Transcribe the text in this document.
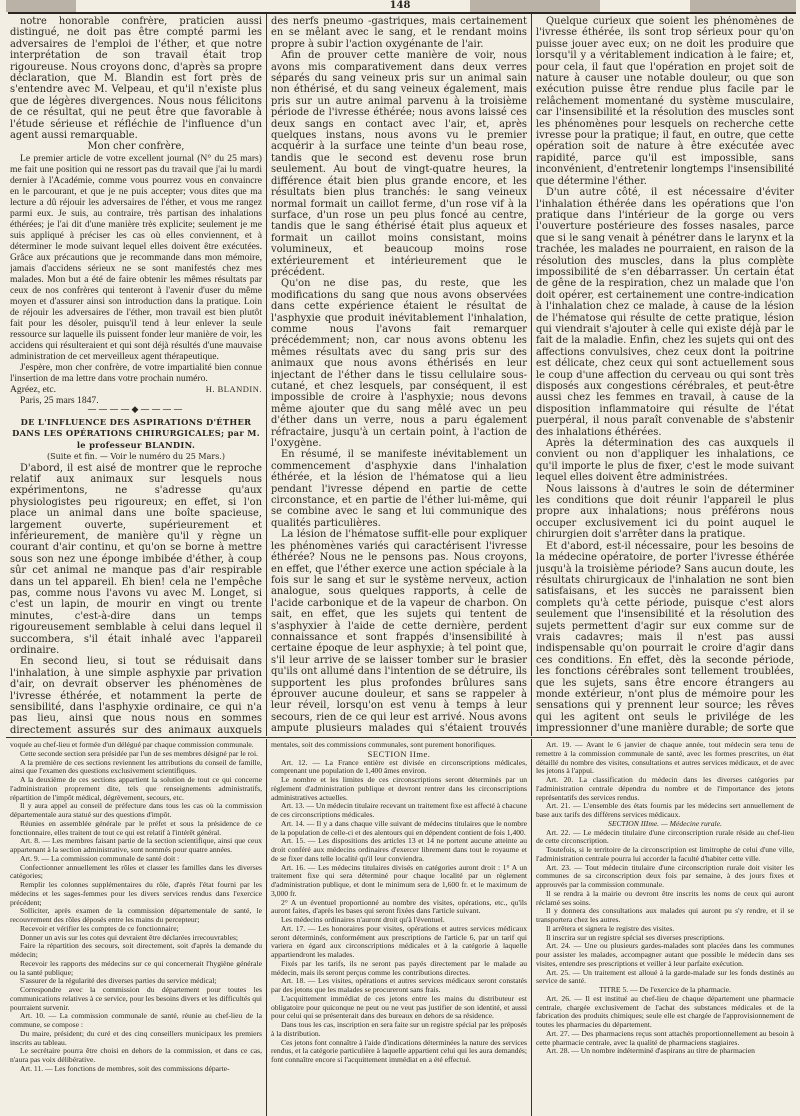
148

notre honorable confrère, praticien aussi distingué, ne doit pas être compté parmi les adversaires de l'emploi de l'éther, et que notre interprétation de son travail était trop rigoureuse. Nous croyons donc, d'après sa propre déclaration, que M. Blandin est fort près de s'entendre avec M. Velpeau, et qu'il n'existe plus que de légères divergences. Nous nous félicitons de ce résultat, qui ne peut être que favorable à l'étude sérieuse et réfléchie de l'influence d'un agent aussi remarquable.

Mon cher confrère,

Le premier article de votre excellent journal (N° du 25 mars) me fait une position qui ne ressort pas du travail que j'ai lu mardi dernier à l'Académie, comme vous pourrez vous en convaincre en le parcourant, et que je ne puis accepter; vous dites que ma lecture a dû réjouir les adversaires de l'éther, et vous me rangez parmi eux. Je suis, au contraire, très partisan des inhalations éthérées; je l'ai dit d'une manière très explicite; seulement je me suis appliqué à préciser les cas où elles conviennent, et à déterminer le mode suivant lequel elles doivent être exécutées. Grâce aux précautions que je recommande dans mon mémoire, jamais d'accidens sérieux ne se sont manifestés chez mes malades. Mon but a été de faire obtenir les mêmes résultats par ceux de nos confrères qui tenteront à l'avenir d'user du même moyen et d'assurer ainsi son introduction dans la pratique. Loin de réjouir les adversaires de l'éther, mon travail est bien plutôt fait pour les désoler, puisqu'il tend à leur enlever la seule ressource sur laquelle ils puissent fonder leur manière de voir, les accidens qui résulteraient et qui sont déjà résultés d'une mauvaise administration de cet merveilleux agent thérapeutique.

J'espère, mon cher confrère, de votre impartialité bien connue l'insertion de ma lettre dans votre prochain numéro.

Agréez, etc.	H. BLANDIN.

Paris, 25 mars 1847.

————◆————

DE L'INFLUENCE DES ASPIRATIONS D'ÉTHER DANS LES OPÉRATIONS CHIRURGICALES; par M. le professeur BLANDIN.

(Suite et fin. — Voir le numéro du 25 Mars.)

D'abord, il est aisé de montrer que le reproche relatif aux animaux sur lesquels nous expérimentons, ne s'adresse qu'aux physiologistes peu rigoureux; en effet, si l'on place un animal dans une boîte spacieuse, largement ouverte, supérieurement et inférieurement, de manière qu'il y règne un courant d'air continu, et qu'on se borne à mettre sous son nez une éponge imbibée d'éther, à coup sûr cet animal ne manque pas d'air respirable dans un tel appareil. Eh bien! cela ne l'empêche pas, comme nous l'avons vu avec M. Longet, si c'est un lapin, de mourir en vingt ou trente minutes, c'est-à-dire dans un temps rigoureusement semblable à celui dans lequel il succombera, s'il était inhalé avec l'appareil ordinaire.

En second lieu, si tout se réduisait dans l'inhalation, à une simple asphyxie par privation d'air, on devrait observer les phénomènes de l'ivresse éthérée, et notamment la perte de sensibilité, dans l'asphyxie ordinaire, ce qui n'a pas lieu, ainsi que nous nous en sommes directement assurés sur des animaux auxquels

des nerfs pneumo -gastriques, mais certainement en se mêlant avec le sang, et le rendant moins propre à subir l'action oxygénante de l'air.

Afin de prouver cette manière de voir, nous avons mis comparativement dans deux verres séparés du sang veineux pris sur un animal sain non éthérisé, et du sang veineux également, mais pris sur un autre animal parvenu à la troisième période de l'ivresse éthérée; nous avons laissé ces deux sangs en contact avec l'air, et, après quelques instans, nous avons vu le premier acquérir à la surface une teinte d'un beau rose, tandis que le second est devenu rose brun seulement. Au bout de vingt-quatre heures, la différence était bien plus grande encore, et les résultats bien plus tranchés: le sang veineux normal formait un caillot ferme, d'un rose vif à la surface, d'un rose un peu plus foncé au centre, tandis que le sang éthérisé était plus aqueux et formait un caillot moins consistant, moins volumineux, et beaucoup moins rose extérieurement et intérieurement que le précédent.

Qu'on ne dise pas, du reste, que les modifications du sang que nous avons observées dans cette expérience étaient le résultat de l'asphyxie que produit inévitablement l'inhalation, comme nous l'avons fait remarquer précédemment; non, car nous avons obtenu les mêmes résultats avec du sang pris sur des animaux que nous avons éthérisés en leur injectant de l'éther dans le tissu cellulaire sous-cutané, et chez lesquels, par conséquent, il est impossible de croire à l'asphyxie; nous devons même ajouter que du sang mêlé avec un peu d'éther dans un verre, nous a paru également réfractaire, jusqu'à un certain point, à l'action de l'oxygène.

En résumé, il se manifeste inévitablement un commencement d'asphyxie dans l'inhalation éthérée, et la lésion de l'hématose qui a lieu pendant l'ivresse dépend en partie de cette circonstance, et en partie de l'éther lui-même, qui se combine avec le sang et lui communique des qualités particulières.

La lésion de l'hématose suffit-elle pour expliquer les phénomènes variés qui caractérisent l'ivresse éthérée? Nous ne le pensons pas. Nous croyons, en effet, que l'éther exerce une action spéciale à la fois sur le sang et sur le système nerveux, action analogue, sous quelques rapports, à celle de l'acide carbonique et de la vapeur de charbon. On sait, en effet, que les sujets qui tentent de s'asphyxier à l'aide de cette dernière, perdent connaissance et sont frappés d'insensibilité à certaine époque de leur asphyxie; à tel point que, s'il leur arrive de se laisser tomber sur le brasier qu'ils ont allumé dans l'intention de se détruire, ils supportent les plus profondes brûlures sans éprouver aucune douleur, et sans se rappeler à leur réveil, lorsqu'on est venu à temps à leur secours, rien de ce qui leur est arrivé. Nous avons ampute plusieurs malades qui s'étaient trouvés

Quelque curieux que soient les phénomènes de l'ivresse éthérée, ils sont trop sérieux pour qu'on puisse jouer avec eux; on ne doit les produire que lorsqu'il y a véritablement indication à le faire; et, pour cela, il faut que l'opération en projet soit de nature à causer une notable douleur, ou que son exécution puisse être rendue plus facile par le relâchement momentané du système musculaire, car l'insensibilité et la résolution des muscles sont les phénomènes pour lesquels on recherche cette ivresse pour la pratique; il faut, en outre, que cette opération soit de nature à être exécutée avec rapidité, parce qu'il est impossible, sans inconvénient, d'entretenir longtemps l'insensibilité que détermine l'éther.

D'un autre côté, il est nécessaire d'éviter l'inhalation éthérée dans les opérations que l'on pratique dans l'intérieur de la gorge ou vers l'ouverture postérieure des fosses nasales, parce que si le sang venait à pénétrer dans le larynx et la trachée, les malades ne pourraient, en raison de la résolution des muscles, dans la plus complète impossibilité de s'en débarrasser. Un certain état de gêne de la respiration, chez un malade que l'on doit opérer, est certainement une contre-indication à l'inhalation chez ce malade, à cause de la lésion de l'hématose qui résulte de cette pratique, lésion qui viendrait s'ajouter à celle qui existe déjà par le fait de la maladie. Enfin, chez les sujets qui ont des affections convulsives, chez ceux dont la poitrine est délicate, chez ceux qui sont actuellement sous le coup d'une affection du cerveau ou qui sont très disposés aux congestions cérébrales, et peut-être aussi chez les femmes en travail, à cause de la disposition inflammatoire qui résulte de l'état puerpéral, il nous paraît convenable de s'abstenir des inhalations éthérées.

Après la détermination des cas auxquels il convient ou non d'appliquer les inhalations, ce qu'il importe le plus de fixer, c'est le mode suivant lequel elles doivent être administrées.

Nous laissons à d'autres le soin de déterminer les conditions que doit réunir l'appareil le plus propre aux inhalations; nous préférons nous occuper exclusivement ici du point auquel le chirurgien doit s'arrêter dans la pratique.

Et d'abord, est-il nécessaire, pour les besoins de la médecine opératoire, de porter l'ivresse éthérée jusqu'à la troisième période? Sans aucun doute, les résultats chirurgicaux de l'inhalation ne sont bien satisfaisans, et les succès ne paraissent bien complets qu'à cette période, puisque c'est alors seulement que l'insensibilité et la résolution des sujets permettent d'agir sur eux comme sur de vrais cadavres; mais il n'est pas aussi indispensable qu'on pourrait le croire d'agir dans ces conditions. En effet, dès la seconde période, les fonctions cérébrales sont tellement troublées, que les sujets, sans être encore étrangers au monde extérieur, n'ont plus de mémoire pour les sensations qui y prennent leur source; les rêves qui les agitent ont seuls le privilége de les impressionner d'une manière durable; de sorte que

voquée au chef-lieu et formée d'un délégué par chaque commission communale.

Cette seconde section sera présidée par l'un de ses membres désigné par le roi.

A la première de ces sections reviennent les attributions du conseil de famille, ainsi que l'examen des questions exclusivement scientifiques.

A la deuxième de ces sections appartient la solution de tout ce qui concerne l'administration proprement dite, tels que renseignements administratifs, répartition de l'impôt médical, dégrèvement, secours, etc.

Il y aura appel au conseil de préfecture dans tous les cas où la commission départementale aura statué sur des questions d'impôt.

Réunies en assemblée générale par le préfet et sous la présidence de ce fonctionnaire, elles traitent de tout ce qui est relatif à l'intérêt général.

Art. 8. — Les membres faisant partie de la section scientifique, ainsi que ceux appartenant à la section administrative, sont nommés pour quatre années.

Art. 9. — La commission communale de santé doit :

Confectionner annuellement les rôles et classer les familles dans les diverses catégories;

Remplir les colonnes supplémentaires du rôle, d'après l'état fourni par les médecins et les sages-femmes pour les divers services rendus dans l'exercice précédent;

Solliciter, après examen de la commission départementale de santé, le recouvrement des rôles déposés entre les mains du percepteur;

Recevoir et vérifier les comptes de ce fonctionnaire;

Donner un avis sur les cotes qui devraient être déclarées irrecouvrables;

Faire la répartition des secours, soit directement, soit d'après la demande du médecin;

Recevoir les rapports des médecins sur ce qui concernerait l'hygiène générale ou la santé publique;

S'assurer de la régularité des diverses parties du service médical;

Correspondre avec la commission du département pour toutes les communications relatives à ce service, pour les besoins divers et les difficultés qui pourraient survenir.

Art. 10. — La commission communale de santé, réunie au chef-lieu de la commune, se compose :

Du maire, président; du curé et des cinq conseillers municipaux les premiers inscrits au tableau.

Le secrétaire pourra être choisi en dehors de la commission, et dans ce cas, n'aura pas voix délibérative.

Art. 11. — Les fonctions de membres, soit des commissions départe-

mentales, soit des commissions communales, sont purement honorifiques.

SECTION IIme.

Art. 12. — La France entière est divisée en circonscriptions médicales, comprenant une population de 1,400 âmes environ.

Le nombre et les limites de ces circonscriptions seront déterminés par un règlement d'administration publique et devront rentrer dans les circonscriptions administratives actuelles.

Art. 13. — Un médecin titulaire recevant un traitement fixe est affecté à chacune de ces circonscriptions médicales.

Art. 14. — Il y a dans chaque ville suivant de médecins titulaires que le nombre de la population de celle-ci et des alentours qui en dépendent contient de fois 1,400.

Art. 15. — Les dispositions des articles 13 et 14 ne portent aucune atteinte au droit conféré aux médecins ordinaires d'exercer librement dans tout le royaume et de se fixer dans telle localité qu'il leur conviendra.

Art. 16. — Les médecins titulaires divisés en catégories auront droit : 1° A un traitement fixe qui sera déterminé pour chaque localité par un règlement d'administration publique, et dont le minimum sera de 1,600 fr. et le maximum de 3,000 fr.

2° A un éventuel proportionné au nombre des visites, opérations, etc., qu'ils auront faites, d'après les bases qui seront fixées dans l'article suivant.

Les médecins ordinaires n'auront droit qu'à l'éventuel.

Art. 17. — Les honoraires pour visites, opérations et autres services médicaux seront déterminés, conformément aux prescriptions de l'article 6, par un tarif qui variera en égard aux circonscriptions médicales et à la catégorie à laquelle appartiendront les malades.

Fixés par les tarifs, ils ne seront pas payés directement par le malade au médecin, mais ils seront perçus comme les contributions directes.

Art. 18. — Les visites, opérations et autres services médicaux seront constatés par des jetons que les malades se procureront sans frais.

L'acquittement immédiat de ces jetons entre les mains du distributeur est obligatoire pour quiconque ne peut ou ne veut pas justifier de son identité, et aussi pour celui qui se présenterait dans des bureaux en dehors de sa résidence.

Dans tous les cas, inscription en sera faite sur un registre spécial par les préposés à la distribution.

Ces jetons font connaître à l'aide d'indications déterminées la nature des services rendus, et la catégorie particulière à laquelle appartient celui qui les aura demandés; font connaître encore si l'acquittement immédiat en a été effectué.

Art. 19. — Avant le 6 janvier de chaque année, tout médecin sera tenu de remettre à la commission communale de santé, avec les formes prescrites, un état détaillé du nombre des visites, consultations et autres services médicaux, et de avec les jetons à l'appui.

Art. 20. La classification du médecin dans les diverses catégories par l'administration centrale dépendra du nombre et de l'importance des jetons représentatifs des services rendus.

Art. 21. — L'ensemble des états fournis par les médecins sert annuellement de base aux tarifs des différens services médicaux.

SECTION IIIme. — Médecine rurale.

Art. 22. — Le médecin titulaire d'une circonscription rurale réside au chef-lieu de cette circonscription.

Toutefois, si le territoire de la circonscription est limitrophe de celui d'une ville, l'administration centrale pourra lui accorder la faculté d'habiter cette ville.

Art. 23. — Tout médecin titulaire d'une circonscription rurale doit visiter les communes de sa circonscription deux fois par semaine, à des jours fixes et approuvés par la commission communale.

Il se rendra à la mairie ou devront être inscrits les noms de ceux qui auront réclamé ses soins.

Il y donnera des consultations aux malades qui auront pu s'y rendre, et il se transportera chez les autres.

Il arrêtera et signera le registre des visites.

Il inscrira sur un registre spécial ses diverses prescriptions.

Art. 24. — Une ou plusieurs gardes-malades sont placées dans les communes pour assister les malades, accompagner autant que possible le médecin dans ses visites, entendre ses prescriptions et veiller à leur parfaite exécution.

Art. 25. — Un traitement est alloué à la garde-malade sur les fonds destinés au service de santé.

TITRE 5. — De l'exercice de la pharmacie.

Art. 26. — Il est institué au chef-lieu de chaque département une pharmacie centrale, chargée exclusivement de l'achat des substances médicales et de la fabrication des produits chimiques; seule elle est chargée de l'approvisionnement de toutes les pharmacies du département.

Art. 27. — Des pharmaciens reçus sont attachés proportionnellement au besoin à cette pharmacie centrale, avec la qualité de pharmaciens stagiaires.

Art. 28. — Un nombre indéterminé d'aspirans au titre de pharmacien
